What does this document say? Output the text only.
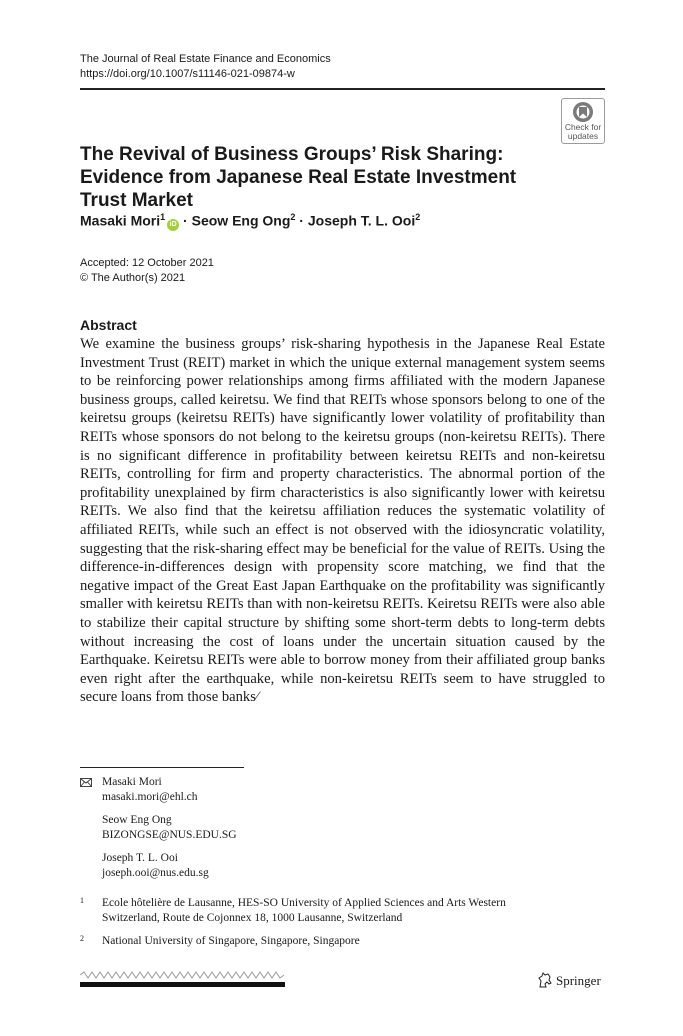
The Journal of Real Estate Finance and Economics
https://doi.org/10.1007/s11146-021-09874-w
Check for
updates
The Revival of Business Groups’ Risk Sharing: Evidence from Japanese Real Estate Investment Trust Market
Masaki Mori$^1$iD · Seow Eng Ong$^2$ · Joseph T. L. Ooi$^2$
Accepted: 12 October 2021
© The Author(s) 2021
Abstract
We examine the business groups’ risk-sharing hypothesis in the Japanese Real Estate Investment Trust (REIT) market in which the unique external management system seems to be reinforcing power relationships among firms affiliated with the modern Japanese business groups, called keiretsu. We find that REITs whose sponsors belong to one of the keiretsu groups (keiretsu REITs) have significantly lower volatility of profitability than REITs whose sponsors do not belong to the keiretsu groups (non-keiretsu REITs). There is no significant difference in profitability between keiretsu REITs and non-keiretsu REITs, controlling for firm and property characteristics. The abnormal portion of the profitability unexplained by firm characteristics is also significantly lower with keiretsu REITs. We also find that the keiretsu affiliation reduces the systematic volatility of affiliated REITs, while such an effect is not observed with the idiosyncratic volatility, suggesting that the risk-sharing effect may be beneficial for the value of REITs. Using the difference-in-differences design with propensity score matching, we find that the negative impact of the Great East Japan Earthquake on the profitability was significantly smaller with keiretsu REITs than with non-keiretsu REITs. Keiretsu REITs were also able to stabilize their capital structure by shifting some short-term debts to long-term debts without increasing the cost of loans under the uncertain situation caused by the Earthquake. Keiretsu REITs were able to borrow money from their affiliated group banks even right after the earthquake, while non-keiretsu REITs seem to have struggled to secure loans from those banks⁄
Masaki Mori
masaki.mori@ehl.ch
Seow Eng Ong
BIZONGSE@NUS.EDU.SG
Joseph T. L. Ooi
joseph.ooi@nus.edu.sg
1 Ecole hôtelière de Lausanne, HES-SO University of Applied Sciences and Arts Western
Switzerland, Route de Cojonnex 18, 1000 Lausanne, Switzerland
2 National University of Singapore, Singapore, Singapore
Springer
